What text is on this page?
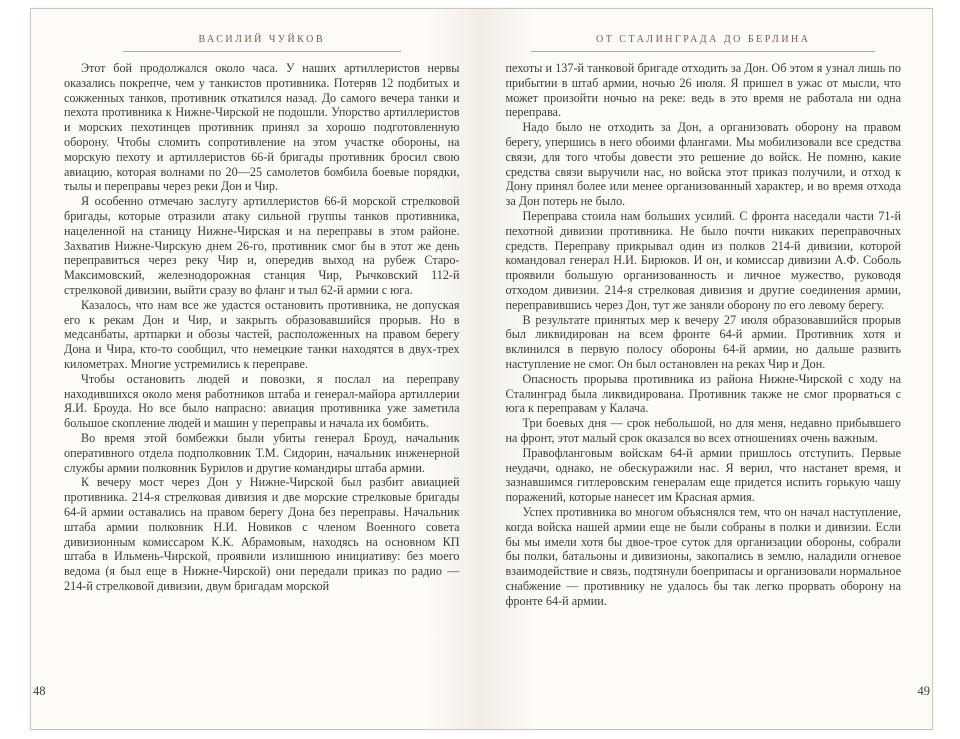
ВАСИЛИЙ ЧУЙКОВ

Этот бой продолжался около часа. У наших артиллеристов нервы оказались покрепче, чем у танкистов противника. Потеряв 12 подбитых и сожженных танков, противник откатился назад. До самого вечера танки и пехота противника к Нижне-Чирской не подошли. Упорство артиллеристов и морских пехотинцев противник принял за хорошо подготовленную оборону. Чтобы сломить сопротивление на этом участке обороны, на морскую пехоту и артиллеристов 66-й бригады противник бросил свою авиацию, которая волнами по 20—25 самолетов бомбила боевые порядки, тылы и переправы через реки Дон и Чир.

Я особенно отмечаю заслугу артиллеристов 66-й морской стрелковой бригады, которые отразили атаку сильной группы танков противника, нацеленной на станицу Нижне-Чирская и на переправы в этом районе. Захватив Нижне-Чирскую днем 26-го, противник смог бы в этот же день переправиться через реку Чир и, опередив выход на рубеж Старо-Максимовский, железнодорожная станция Чир, Рычковский 112-й стрелковой дивизии, выйти сразу во фланг и тыл 62-й армии с юга.

Казалось, что нам все же удастся остановить противника, не допуская его к рекам Дон и Чир, и закрыть образовавшийся прорыв. Но в медсанбаты, артпарки и обозы частей, расположенных на правом берегу Дона и Чира, кто-то сообщил, что немецкие танки находятся в двух-трех километрах. Многие устремились к переправе.

Чтобы остановить людей и повозки, я послал на переправу находившихся около меня работников штаба и генерал-майора артиллерии Я.И. Броуда. Но все было напрасно: авиация противника уже заметила большое скопление людей и машин у переправы и начала их бомбить.

Во время этой бомбежки были убиты генерал Броуд, начальник оперативного отдела подполковник Т.М. Сидорин, начальник инженерной службы армии полковник Бурилов и другие командиры штаба армии.

К вечеру мост через Дон у Нижне-Чирской был разбит авиацией противника. 214-я стрелковая дивизия и две морские стрелковые бригады 64-й армии оставались на правом берегу Дона без переправы. Начальник штаба армии полковник Н.И. Новиков с членом Военного совета дивизионным комиссаром К.К. Абрамовым, находясь на основном КП штаба в Ильмень-Чирской, проявили излишнюю инициативу: без моего ведома (я был еще в Нижне-Чирской) они передали приказ по радио — 214-й стрелковой дивизии, двум бригадам морской

48
ОТ СТАЛИНГРАДА ДО БЕРЛИНА

пехоты и 137-й танковой бригаде отходить за Дон. Об этом я узнал лишь по прибытии в штаб армии, ночью 26 июля. Я пришел в ужас от мысли, что может произойти ночью на реке: ведь в это время не работала ни одна переправа.

Надо было не отходить за Дон, а организовать оборону на правом берегу, упершись в него обоими флангами. Мы мобилизовали все средства связи, для того чтобы довести это решение до войск. Не помню, какие средства связи выручили нас, но войска этот приказ получили, и отход к Дону принял более или менее организованный характер, и во время отхода за Дон потерь не было.

Переправа стоила нам больших усилий. С фронта наседали части 71-й пехотной дивизии противника. Не было почти никаких переправочных средств. Переправу прикрывал один из полков 214-й дивизии, которой командовал генерал Н.И. Бирюков. И он, и комиссар дивизии А.Ф. Соболь проявили большую организованность и личное мужество, руководя отходом дивизии. 214-я стрелковая дивизия и другие соединения армии, переправившись через Дон, тут же заняли оборону по его левому берегу.

В результате принятых мер к вечеру 27 июля образовавшийся прорыв был ликвидирован на всем фронте 64-й армии. Противник хотя и вклинился в первую полосу обороны 64-й армии, но дальше развить наступление не смог. Он был остановлен на реках Чир и Дон.

Опасность прорыва противника из района Нижне-Чирской с ходу на Сталинград была ликвидирована. Противник также не смог прорваться с юга к переправам у Калача.

Три боевых дня — срок небольшой, но для меня, недавно прибывшего на фронт, этот малый срок оказался во всех отношениях очень важным.

Правофланговым войскам 64-й армии пришлось отступить. Первые неудачи, однако, не обескуражили нас. Я верил, что настанет время, и зазнавшимся гитлеровским генералам еще придется испить горькую чашу поражений, которые нанесет им Красная армия.

Успех противника во многом объяснялся тем, что он начал наступление, когда войска нашей армии еще не были собраны в полки и дивизии. Если бы мы имели хотя бы двое-трое суток для организации обороны, собрали бы полки, батальоны и дивизионы, закопались в землю, наладили огневое взаимодействие и связь, подтянули боеприпасы и организовали нормальное снабжение — противнику не удалось бы так легко прорвать оборону на фронте 64-й армии.

49
